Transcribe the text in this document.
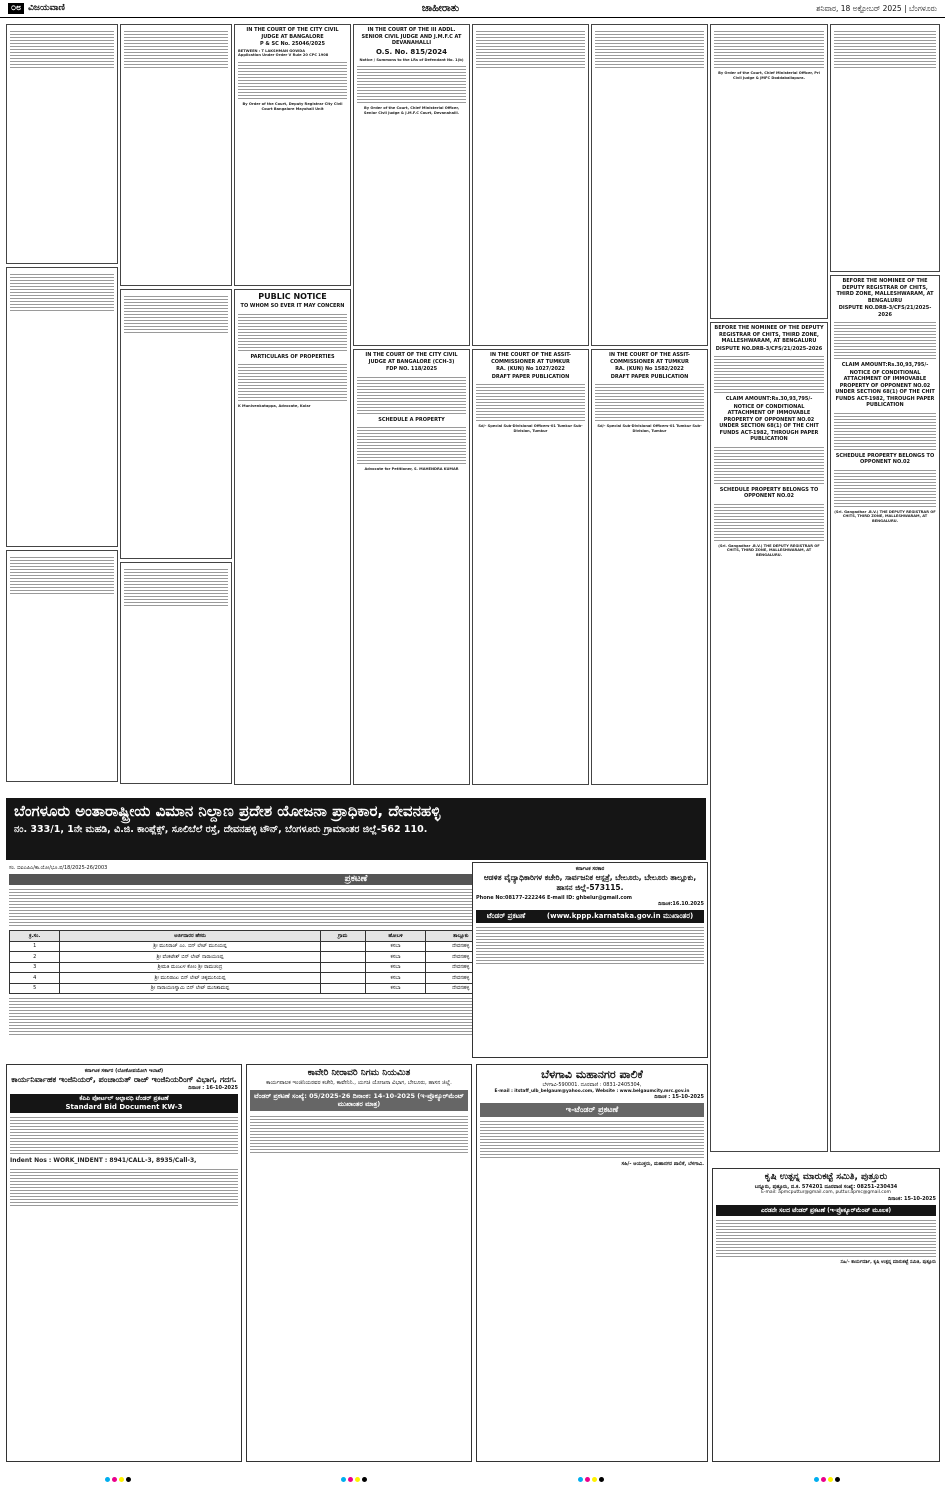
೦೮ ವಿಜಯವಾಣಿ	ಜಾಹೀರಾತು	ಶನಿವಾರ, 18 ಅಕ್ಟೋಬರ್ 2025 | ಬೆಂಗಳೂರು

IN THE COURT OF THE CITY CIVIL JUDGE AT BANGALORE
P & SC No. 25046/2025

BETWEEN : T LAKSHMAN GOWDA

Application Under Order V Rule 20 CPC 1908

By Order of the Court, Deputy Registrar City Civil Court Bangalore Mayohall Unit

PUBLIC NOTICE
TO WHOM SO EVER IT MAY CONCERN

PARTICULARS OF PROPERTIES

K Munivenkatappa, Advocate, Kolar

IN THE COURT OF THE III ADDL. SENIOR CIVIL JUDGE AND J.M.F.C AT DEVANAHALLI
O.S. No. 815/2024

Notice / Summons to the LRs of Defendant No. 1(b)

By Order of the Court, Chief Ministerial Officer, Senior Civil Judge & J.M.F.C Court, Devanahalli.

IN THE COURT OF THE CITY CIVIL JUDGE AT BANGALORE (CCH-3)
FDP NO. 118/2025

SCHEDULE A PROPERTY

Advocate for Petitioner, S. MAHENDRA KUMAR

IN THE COURT OF THE ASSIT- COMMISSIONER AT TUMKUR
RA. (KUN) No 1027/2022
DRAFT PAPER PUBLICATION

Sd/- Special Sub-Divisional Officers-01 Tumkur Sub-Division, Tumkur

IN THE COURT OF THE ASSIT- COMMISSIONER AT TUMKUR
RA. (KUN) No 1582/2022
DRAFT PAPER PUBLICATION

Sd/- Special Sub-Divisional Officers-01 Tumkur Sub-Division, Tumkur

By Order of the Court, Chief Ministerial Officer, Prl Civil Judge & JMFC Doddaballapura.

BEFORE THE NOMINEE OF THE DEPUTY REGISTRAR OF CHITS, THIRD ZONE, MALLESHWARAM, AT BENGALURU
DISPUTE NO.DRB-3/CFS/21/2025-2026

CLAIM AMOUNT:Rs.30,93,795/-
NOTICE OF CONDITIONAL ATTACHMENT OF IMMOVABLE PROPERTY OF OPPONENT NO.02 UNDER SECTION 68(1) OF THE CHIT FUNDS ACT-1982, THROUGH PAPER PUBLICATION

SCHEDULE PROPERTY BELONGS TO OPPONENT NO.02

(Sri. Gangadhar .B.V.) THE DEPUTY REGISTRAR OF CHITS, THIRD ZONE, MALLESHWARAM, AT BENGALURU.

BEFORE THE NOMINEE OF THE DEPUTY REGISTRAR OF CHITS, THIRD ZONE, MALLESHWARAM, AT BENGALURU
DISPUTE NO.DRB-3/CFS/21/2025-2026

CLAIM AMOUNT:Rs.30,93,795/-
NOTICE OF CONDITIONAL ATTACHMENT OF IMMOVABLE PROPERTY OF OPPONENT NO.02 UNDER SECTION 68(1) OF THE CHIT FUNDS ACT-1982, THROUGH PAPER PUBLICATION

SCHEDULE PROPERTY BELONGS TO OPPONENT NO.02

(Sri. Gangadhar .B.V.) THE DEPUTY REGISTRAR OF CHITS, THIRD ZONE, MALLESHWARAM, AT BENGALURU.

ಬೆಂಗಳೂರು ಅಂತಾರಾಷ್ಟ್ರೀಯ ವಿಮಾನ ನಿಲ್ದಾಣ ಪ್ರದೇಶ ಯೋಜನಾ ಪ್ರಾಧಿಕಾರ, ದೇವನಹಳ್ಳಿ
ನಂ. 333/1, 1ನೇ ಮಹಡಿ, ವಿ.ಜಿ. ಕಾಂಪ್ಲೆಕ್ಸ್, ಸೂಲಿಬೆಲೆ ರಸ್ತೆ, ದೇವನಹಳ್ಳಿ ಟೌನ್, ಬೆಂಗಳೂರು ಗ್ರಾಮಾಂತರ ಜಿಲ್ಲೆ-562 110.
ಸಂ. ಬಿಐಎಪಿಎ/ಕಾ.ಯೋ/ಭೂ.ಪ/18/2025-26/2003
ಪ್ರಕಟಣೆ

ಕ್ರ.ಸಂ.	ಅರ್ಜಿದಾರರ ಹೆಸರು	ಗ್ರಾಮ	ಹೋಬಳಿ	ತಾಲ್ಲೂಕು				
1	ಶ್ರೀ ಮುನಿರಾಜ್ ಎಂ. ಬಿನ್ ಲೇಟ್ ಮುನಿಯಪ್ಪ		ಕಸಬಾ	ದೇವನಹಳ್ಳಿ				
2	ಶ್ರೀ ವೆಂಕಟೇಶ್ ಬಿನ್ ಲೇಟ್ ನಾರಾಯಣಪ್ಪ		ಕಸಬಾ	ದೇವನಹಳ್ಳಿ				
3	ಶ್ರೀಮತಿ ಮಂಜುಳ ಕೋಂ ಶ್ರೀ ರಾಮಚಂದ್ರ		ಕಸಬಾ	ದೇವನಹಳ್ಳಿ				
4	ಶ್ರೀ ಮುನಿರಾಜು ಬಿನ್ ಲೇಟ್ ಚಿಕ್ಕಮುನಿಯಪ್ಪ		ಕಸಬಾ	ದೇವನಹಳ್ಳಿ				
5	ಶ್ರೀ ನಾರಾಯಣಸ್ವಾಮಿ ಬಿನ್ ಲೇಟ್ ಮುನಿಶಾಮಪ್ಪ		ಕಸಬಾ	ದೇವನಹಳ್ಳಿ				

ಕರ್ನಾಟಕ ಸರಕಾರ
ಆಡಳಿತ ವೈದ್ಯಾಧಿಕಾರಿಗಳ ಕಚೇರಿ, ಸಾರ್ವಜನಿಕ ಆಸ್ಪತ್ರೆ, ಬೇಲೂರು, ಬೇಲೂರು ತಾಲ್ಲೂಕು, ಹಾಸನ ಜಿಲ್ಲೆ-573115.
Phone No:08177-222246 E-mail ID: ghbelur@gmail.com
ದಿನಾಂಕ:16.10.2025
ಟೆಂಡರ್ ಪ್ರಕಟಣೆ	(www.kppp.karnataka.gov.in ಮುಖಾಂತರ)

ಕರ್ನಾಟಕ ಸರ್ಕಾರ (ಲೋಕೋಪಯೋಗಿ ಇಲಾಖೆ)
ಕಾರ್ಯನಿರ್ವಾಹಕ ಇಂಜಿನಿಯರ್, ಪಂಚಾಯತ್ ರಾಜ್ ಇಂಜಿನಿಯರಿಂಗ್ ವಿಭಾಗ, ಗದಗ.
ದಿನಾಂಕ : 16-10-2025
ಕೆಪಿಪಿ ಪೋರ್ಟಲ್ ಅಲ್ಪಾವಧಿ ಟೆಂಡರ್ ಪ್ರಕಟಣೆ
Standard Bid Document KW-3

Indent Nos : WORK_INDENT : 8941/CALL-3, 8935/Call-3,

ಕಾವೇರಿ ನೀರಾವರಿ ನಿಗಮ ನಿಯಮಿತ
ಕಾರ್ಯಪಾಲಕ ಇಂಜಿನಿಯರವರ ಕಚೇರಿ, ಕಾವೇನಿನಿ., ಯಗಚಿ ಯೋಜನಾ ವಿಭಾಗ, ಬೇಲೂರು, ಹಾಸನ ಜಿಲ್ಲೆ.
ಟೆಂಡರ್ ಪ್ರಕಟಣೆ ಸಂಖ್ಯೆ: 05/2025-26 ದಿನಾಂಕ: 14-10-2025 (ಇ-ಪ್ರೊಕ್ಯೂರ್‌ಮೆಂಟ್ ಮುಖಾಂತರ ಮಾತ್ರ)

ಬೆಳಗಾವಿ ಮಹಾನಗರ ಪಾಲಿಕೆ
ಬೆಳಗಾವಿ-590001. ದೂರವಾಣಿ : 0831-2405304,
E-mail : itstaff_ulb_belgaum@yahoo.com, Website : www.belgaumcity.mrc.gov.in
ದಿನಾಂಕ : 15-10-2025
ಇ-ಟೆಂಡರ್ ಪ್ರಕಟಣೆ

ಸಹಿ/- ಆಯುಕ್ತರು, ಮಹಾನಗರ ಪಾಲಿಕೆ, ಬೆಳಗಾವಿ.

ಕೃಷಿ ಉತ್ಪನ್ನ ಮಾರುಕಟ್ಟೆ ಸಮಿತಿ, ಪುತ್ತೂರು
ಬನ್ನೂರು, ಪುತ್ತೂರು, ದ.ಕ. 574201 ದೂರವಾಣಿ ಸಂಖ್ಯೆ: 08251-230434
E-mail: apmcputtur@gmail.com, puttur.apmc@gmail.com
ದಿನಾಂಕ: 15-10-2025
ಎರಡನೇ ಸಲದ ಟೆಂಡರ್ ಪ್ರಕಟಣೆ (ಇ-ಪ್ರೊಕ್ಯೂರ್‌ಮೆಂಟ್ ಮೂಲಕ)

ಸಹಿ/- ಕಾರ್ಯದರ್ಶಿ, ಕೃಷಿ ಉತ್ಪನ್ನ ಮಾರುಕಟ್ಟೆ ಸಮಿತಿ, ಪುತ್ತೂರು
